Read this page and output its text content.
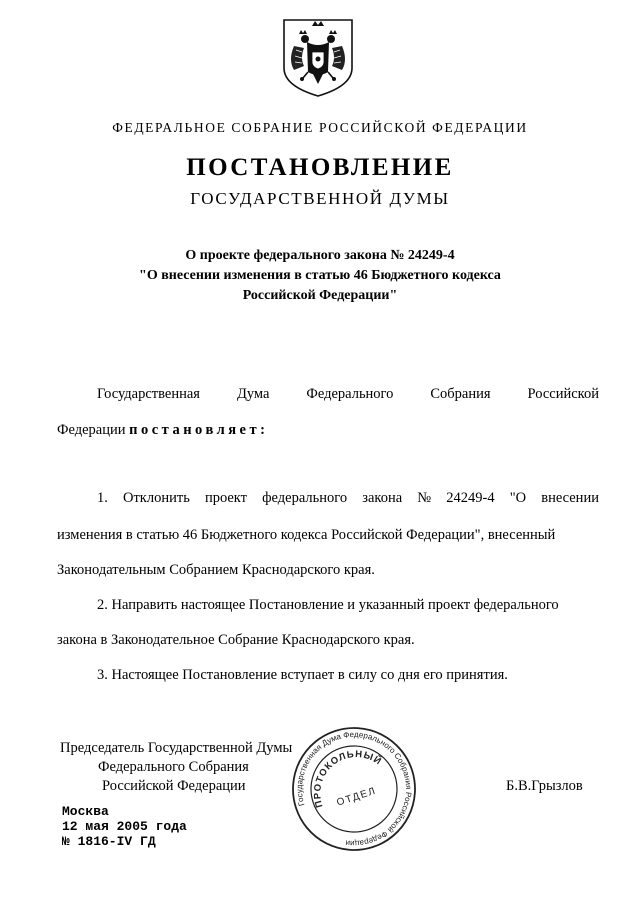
ФЕДЕРАЛЬНОЕ СОБРАНИЕ РОССИЙСКОЙ ФЕДЕРАЦИИ
ПОСТАНОВЛЕНИЕ
ГОСУДАРСТВЕННОЙ ДУМЫ
О проекте федерального закона № 24249-4
"О внесении изменения в статью 46 Бюджетного кодекса
Российской Федерации"
Государственная	Дума	Федерального	Собрания	Российской
Федерации постановляет:
1. Отклонить проект федерального закона № 24249-4 "О внесении
изменения в статью 46 Бюджетного кодекса Российской Федерации", внесенный
Законодательным Собранием Краснодарского края.
2. Направить настоящее Постановление и указанный проект федерального
закона в Законодательное Собрание Краснодарского края.
3. Настоящее Постановление вступает в силу со дня его принятия.
Председатель Государственной Думы
Федерального Собрания
Российской Федерации	Б.В.Грызлов
Москва
12 мая 2005 года
№ 1816-IV ГД
Государственная Дума Федерального Собрания Российской Федерации
ПРОТОКОЛЬНЫЙ
ОТДЕЛ
